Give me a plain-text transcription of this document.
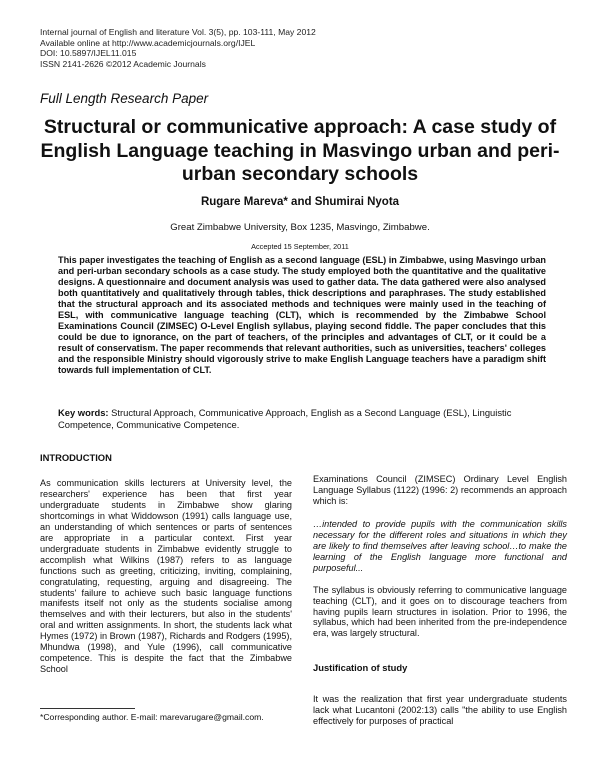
Internal journal of English and literature Vol. 3(5), pp. 103-111, May 2012
Available online at http://www.academicjournals.org/IJEL
DOI: 10.5897/IJEL11.015
ISSN 2141-2626 ©2012 Academic Journals
Full Length Research Paper
Structural or communicative approach: A case study of English Language teaching in Masvingo urban and peri-urban secondary schools
Rugare Mareva* and Shumirai Nyota
Great Zimbabwe University, Box 1235, Masvingo, Zimbabwe.
Accepted 15 September, 2011
This paper investigates the teaching of English as a second language (ESL) in Zimbabwe, using Masvingo urban and peri-urban secondary schools as a case study. The study employed both the quantitative and the qualitative designs. A questionnaire and document analysis was used to gather data. The data gathered were also analysed both quantitatively and qualitatively through tables, thick descriptions and paraphrases. The study established that the structural approach and its associated methods and techniques were mainly used in the teaching of ESL, with communicative language teaching (CLT), which is recommended by the Zimbabwe School Examinations Council (ZIMSEC) O-Level English syllabus, playing second fiddle. The paper concludes that this could be due to ignorance, on the part of teachers, of the principles and advantages of CLT, or it could be a result of conservatism. The paper recommends that relevant authorities, such as universities, teachers' colleges and the responsible Ministry should vigorously strive to make English Language teachers have a paradigm shift towards full implementation of CLT.
Key words: Structural Approach, Communicative Approach, English as a Second Language (ESL), Linguistic Competence, Communicative Competence.
INTRODUCTION

As communication skills lecturers at University level, the researchers' experience has been that first year undergraduate students in Zimbabwe show glaring shortcomings in what Widdowson (1991) calls language use, an understanding of which sentences or parts of sentences are appropriate in a particular context. First year undergraduate students in Zimbabwe evidently struggle to accomplish what Wilkins (1987) refers to as language functions such as greeting, criticizing, inviting, complaining, congratulating, requesting, arguing and disagreeing. The students' failure to achieve such basic language functions manifests itself not only as the students socialise among themselves and with their lecturers, but also in the students' oral and written assignments. In short, the students lack what Hymes (1972) in Brown (1987), Richards and Rodgers (1995), Mhundwa (1998), and Yule (1996), call communicative competence. This is despite the fact that the Zimbabwe School

*Corresponding author. E-mail: marevarugare@gmail.com.

Examinations Council (ZIMSEC) Ordinary Level English Language Syllabus (1122) (1996: 2) recommends an approach which is:

…intended to provide pupils with the communication skills necessary for the different roles and situations in which they are likely to find themselves after leaving school…to make the learning of the English language more functional and purposeful...

The syllabus is obviously referring to communicative language teaching (CLT), and it goes on to discourage teachers from having pupils learn structures in isolation. Prior to 1996, the syllabus, which had been inherited from the pre-independence era, was largely structural.

Justification of study

It was the realization that first year undergraduate students lack what Lucantoni (2002:13) calls "the ability to use English effectively for purposes of practical
